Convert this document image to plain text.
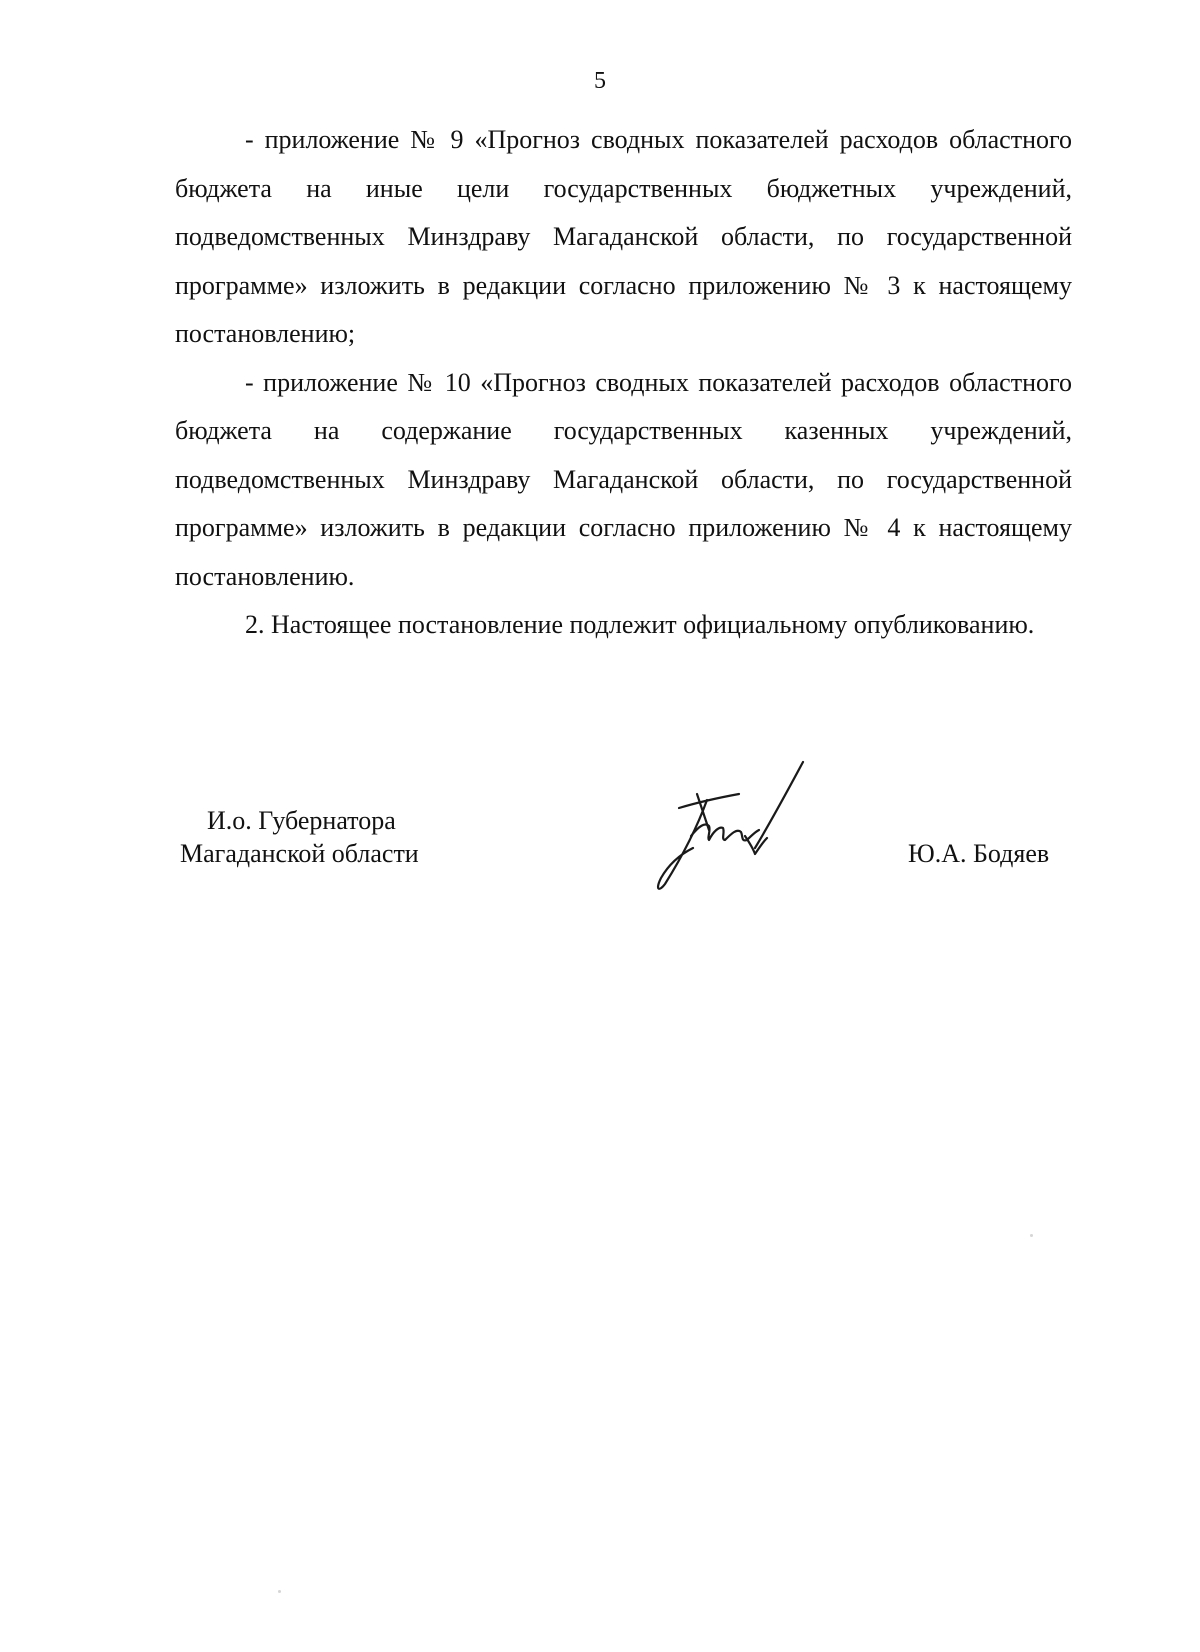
5

- приложение № 9 «Прогноз сводных показателей расходов областного бюджета на иные цели государственных бюджетных учреждений, подведомственных Минздраву Магаданской области, по государственной программе» изложить в редакции согласно приложению № 3 к настоящему постановлению;

- приложение № 10 «Прогноз сводных показателей расходов областного бюджета на содержание государственных казенных учреждений, подведомственных Минздраву Магаданской области, по государственной программе» изложить в редакции согласно приложению № 4 к настоящему постановлению.

2. Настоящее постановление подлежит официальному опубликованию.

И.о. Губернатора
Магаданской области	Ю.А. Бодяев
